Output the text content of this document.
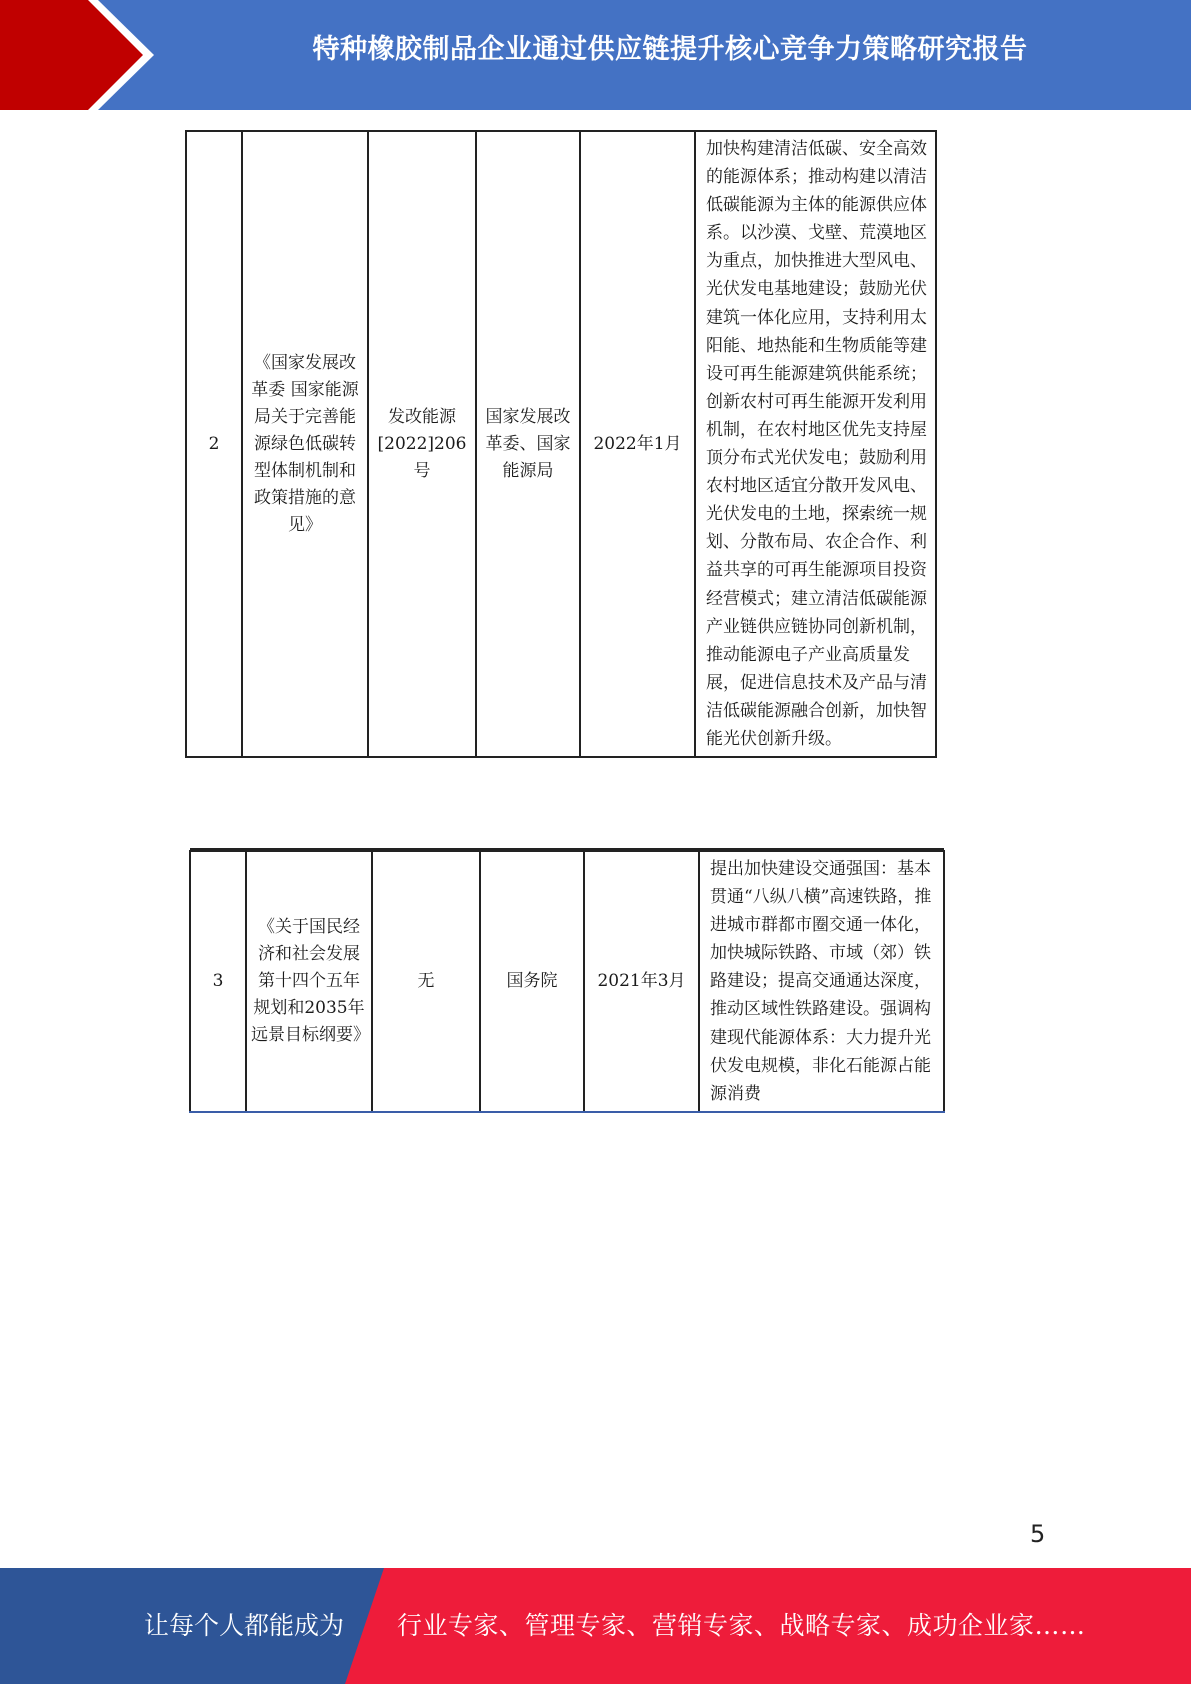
特种橡胶制品企业通过供应链提升核心竞争力策略研究报告
2	《国家发展改革委 国家能源局关于完善能源绿色低碳转型体制机制和政策措施的意见》	发改能源[2022]206号	国家发展改革委、国家能源局	2022年1月	加快构建清洁低碳、安全高效的能源体系；推动构建以清洁低碳能源为主体的能源供应体系。以沙漠、戈壁、荒漠地区为重点，加快推进大型风电、光伏发电基地建设；鼓励光伏建筑一体化应用，支持利用太阳能、地热能和生物质能等建设可再生能源建筑供能系统；创新农村可再生能源开发利用机制，在农村地区优先支持屋顶分布式光伏发电；鼓励利用农村地区适宜分散开发风电、光伏发电的土地，探索统一规划、分散布局、农企合作、利益共享的可再生能源项目投资经营模式；建立清洁低碳能源产业链供应链协同创新机制，推动能源电子产业高质量发展，促进信息技术及产品与清洁低碳能源融合创新，加快智能光伏创新升级。

3	《关于国民经济和社会发展第十四个五年规划和2035年远景目标纲要》	无	国务院	2021年3月	提出加快建设交通强国：基本贯通“八纵八横”高速铁路，推进城市群都市圈交通一体化，加快城际铁路、市域（郊）铁路建设；提高交通通达深度，推动区域性铁路建设。强调构建现代能源体系：大力提升光伏发电规模，非化石能源占能源消费
5
让每个人都能成为 行业专家、管理专家、营销专家、战略专家、成功企业家……
